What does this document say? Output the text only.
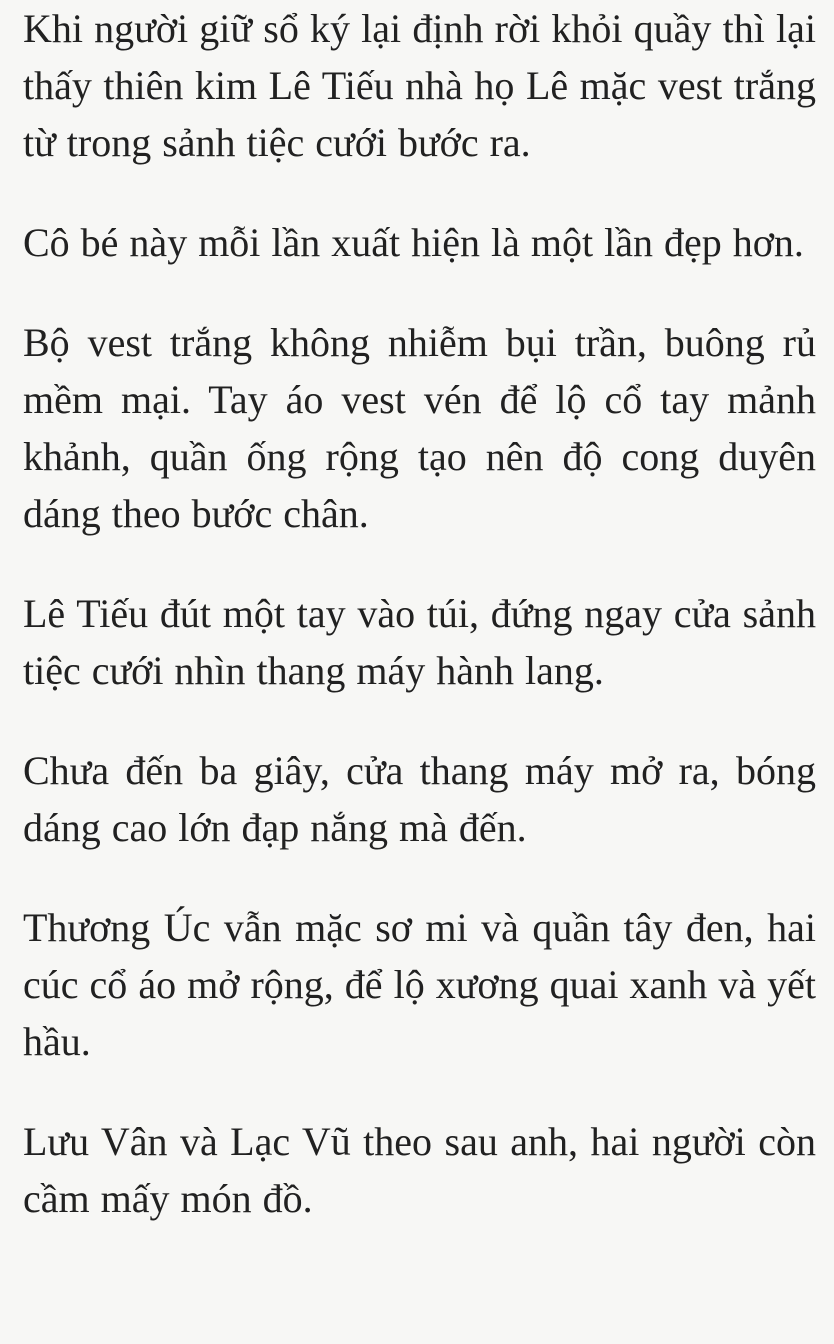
Khi người giữ sổ ký lại định rời khỏi quầy thì lại thấy thiên kim Lê Tiếu nhà họ Lê mặc vest trắng từ trong sảnh tiệc cưới bước ra.

Cô bé này mỗi lần xuất hiện là một lần đẹp hơn.

Bộ vest trắng không nhiễm bụi trần, buông rủ mềm mại. Tay áo vest vén để lộ cổ tay mảnh khảnh, quần ống rộng tạo nên độ cong duyên dáng theo bước chân.

Lê Tiếu đút một tay vào túi, đứng ngay cửa sảnh tiệc cưới nhìn thang máy hành lang.

Chưa đến ba giây, cửa thang máy mở ra, bóng dáng cao lớn đạp nắng mà đến.

Thương Úc vẫn mặc sơ mi và quần tây đen, hai cúc cổ áo mở rộng, để lộ xương quai xanh và yết hầu.

Lưu Vân và Lạc Vũ theo sau anh, hai người còn cầm mấy món đồ.
